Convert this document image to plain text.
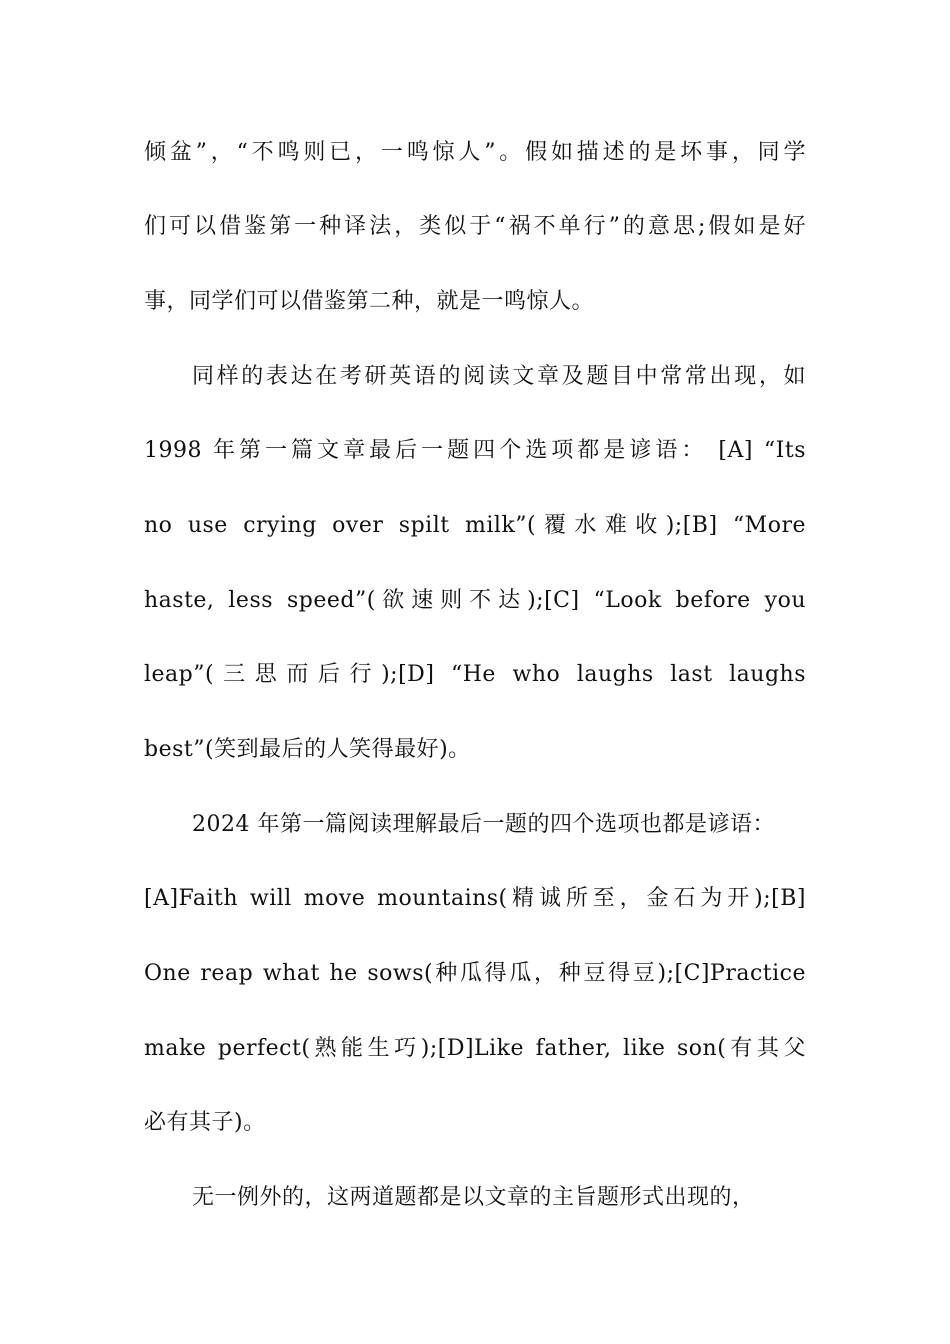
倾盆”，“不鸣则已，一鸣惊人”。假如描述的是坏事，同学
们可以借鉴第一种译法，类似于“祸不单行”的意思;假如是好
事，同学们可以借鉴第二种，就是一鸣惊人。
同样的表达在考研英语的阅读文章及题目中常常出现，如
1998 年第一篇文章最后一题四个选项都是谚语： [A] “Its
no use crying over spilt milk”(覆水难收);[B] “More
haste, less speed”(欲速则不达);[C] “Look before you
leap”(三思而后行);[D] “He who laughs last laughs
best”(笑到最后的人笑得最好)。
2024 年第一篇阅读理解最后一题的四个选项也都是谚语：
[A]Faith will move mountains(精诚所至，金石为开);[B]
One reap what he sows(种瓜得瓜，种豆得豆);[C]Practice
make perfect(熟能生巧);[D]Like father, like son(有其父
必有其子)。
无一例外的，这两道题都是以文章的主旨题形式出现的，
